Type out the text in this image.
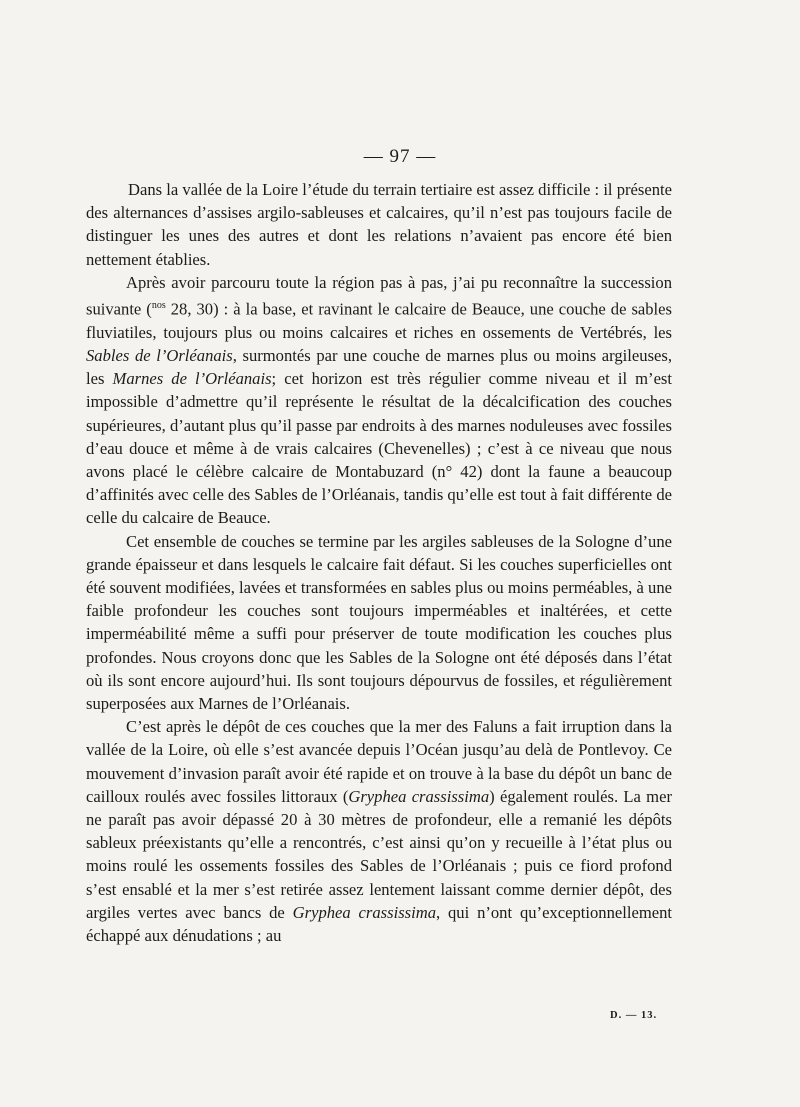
— 97 —

Dans la vallée de la Loire l’étude du terrain tertiaire est assez difficile : il présente des alternances d’assises argilo-sableuses et calcaires, qu’il n’est pas toujours facile de distinguer les unes des autres et dont les relations n’avaient pas encore été bien nettement établies.

Après avoir parcouru toute la région pas à pas, j’ai pu reconnaître la succession suivante ($^{nos}$ 28, 30) : à la base, et ravinant le calcaire de Beauce, une couche de sables fluviatiles, toujours plus ou moins calcaires et riches en ossements de Vertébrés, les Sables de l’Orléanais, surmontés par une couche de marnes plus ou moins argileuses, les Marnes de l’Orléanais; cet horizon est très régulier comme niveau et il m’est impossible d’admettre qu’il représente le résultat de la décalcification des couches supérieures, d’autant plus qu’il passe par endroits à des marnes noduleuses avec fossiles d’eau douce et même à de vrais calcaires (Chevenelles) ; c’est à ce niveau que nous avons placé le célèbre calcaire de Montabuzard (n° 42) dont la faune a beaucoup d’affinités avec celle des Sables de l’Orléanais, tandis qu’elle est tout à fait différente de celle du calcaire de Beauce.

Cet ensemble de couches se termine par les argiles sableuses de la Sologne d’une grande épaisseur et dans lesquels le calcaire fait défaut. Si les couches superficielles ont été souvent modifiées, lavées et transformées en sables plus ou moins perméables, à une faible profondeur les couches sont toujours imperméables et inaltérées, et cette imperméabilité même a suffi pour préserver de toute modification les couches plus profondes. Nous croyons donc que les Sables de la Sologne ont été déposés dans l’état où ils sont encore aujourd’hui. Ils sont toujours dépourvus de fossiles, et régulièrement superposées aux Marnes de l’Orléanais.

C’est après le dépôt de ces couches que la mer des Faluns a fait irruption dans la vallée de la Loire, où elle s’est avancée depuis l’Océan jusqu’au delà de Pontlevoy. Ce mouvement d’invasion paraît avoir été rapide et on trouve à la base du dépôt un banc de cailloux roulés avec fossiles littoraux (Gryphea crassissima) également roulés. La mer ne paraît pas avoir dépassé 20 à 30 mètres de profondeur, elle a remanié les dépôts sableux préexistants qu’elle a rencontrés, c’est ainsi qu’on y recueille à l’état plus ou moins roulé les ossements fossiles des Sables de l’Orléanais ; puis ce fiord profond s’est ensablé et la mer s’est retirée assez lentement laissant comme dernier dépôt, des argiles vertes avec bancs de Gryphea crassissima, qui n’ont qu’exceptionnellement échappé aux dénudations ; au

D. — 13.
